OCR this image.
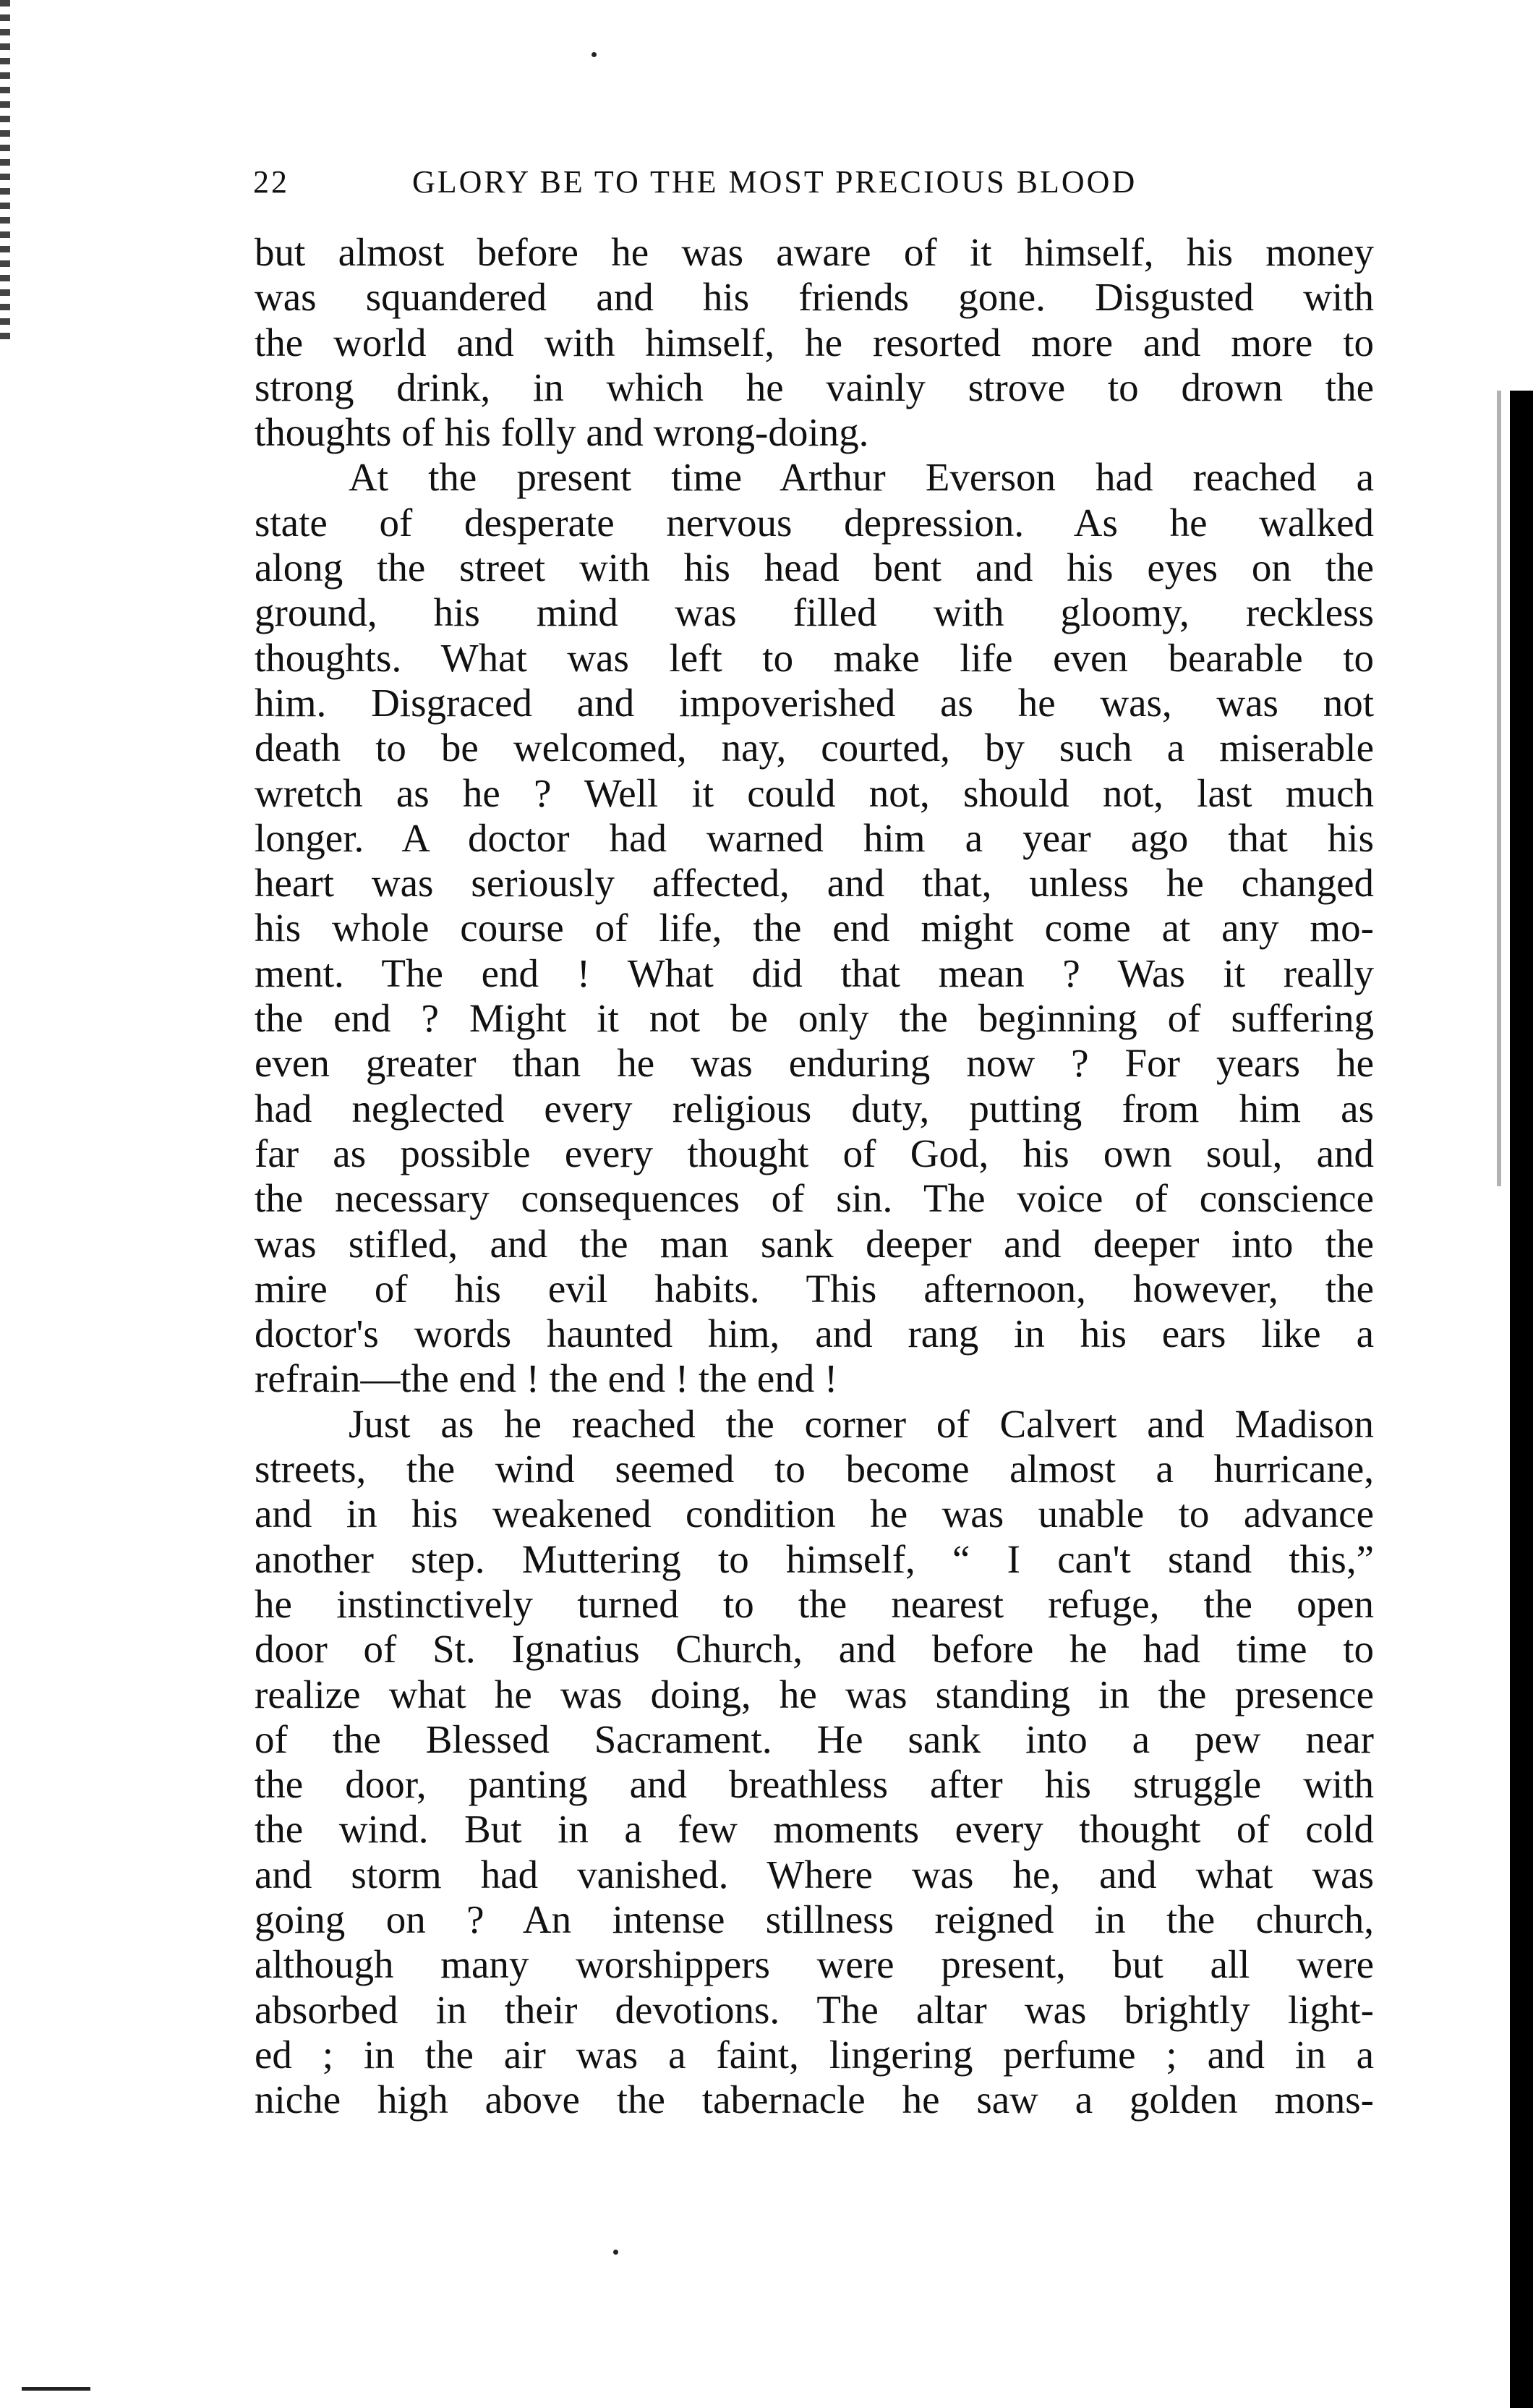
22	GLORY BE TO THE MOST PRECIOUS BLOOD
but almost before he was aware of it himself, his money
was squandered and his friends gone. Disgusted with
the world and with himself, he resorted more and more to
strong drink, in which he vainly strove to drown the
thoughts of his folly and wrong-doing.
At the present time Arthur Everson had reached a
state of desperate nervous depression. As he walked
along the street with his head bent and his eyes on the
ground, his mind was filled with gloomy, reckless
thoughts. What was left to make life even bearable to
him. Disgraced and impoverished as he was, was not
death to be welcomed, nay, courted, by such a miserable
wretch as he ? Well it could not, should not, last much
longer. A doctor had warned him a year ago that his
heart was seriously affected, and that, unless he changed
his whole course of life, the end might come at any mo-
ment. The end ! What did that mean ? Was it really
the end ? Might it not be only the beginning of suffering
even greater than he was enduring now ? For years he
had neglected every religious duty, putting from him as
far as possible every thought of God, his own soul, and
the necessary consequences of sin. The voice of conscience
was stifled, and the man sank deeper and deeper into the
mire of his evil habits. This afternoon, however, the
doctor's words haunted him, and rang in his ears like a
refrain—the end ! the end ! the end !
Just as he reached the corner of Calvert and Madison
streets, the wind seemed to become almost a hurricane,
and in his weakened condition he was unable to advance
another step. Muttering to himself, “ I can't stand this,”
he instinctively turned to the nearest refuge, the open
door of St. Ignatius Church, and before he had time to
realize what he was doing, he was standing in the presence
of the Blessed Sacrament. He sank into a pew near
the door, panting and breathless after his struggle with
the wind. But in a few moments every thought of cold
and storm had vanished. Where was he, and what was
going on ? An intense stillness reigned in the church,
although many worshippers were present, but all were
absorbed in their devotions. The altar was brightly light-
ed ; in the air was a faint, lingering perfume ; and in a
niche high above the tabernacle he saw a golden mons-
